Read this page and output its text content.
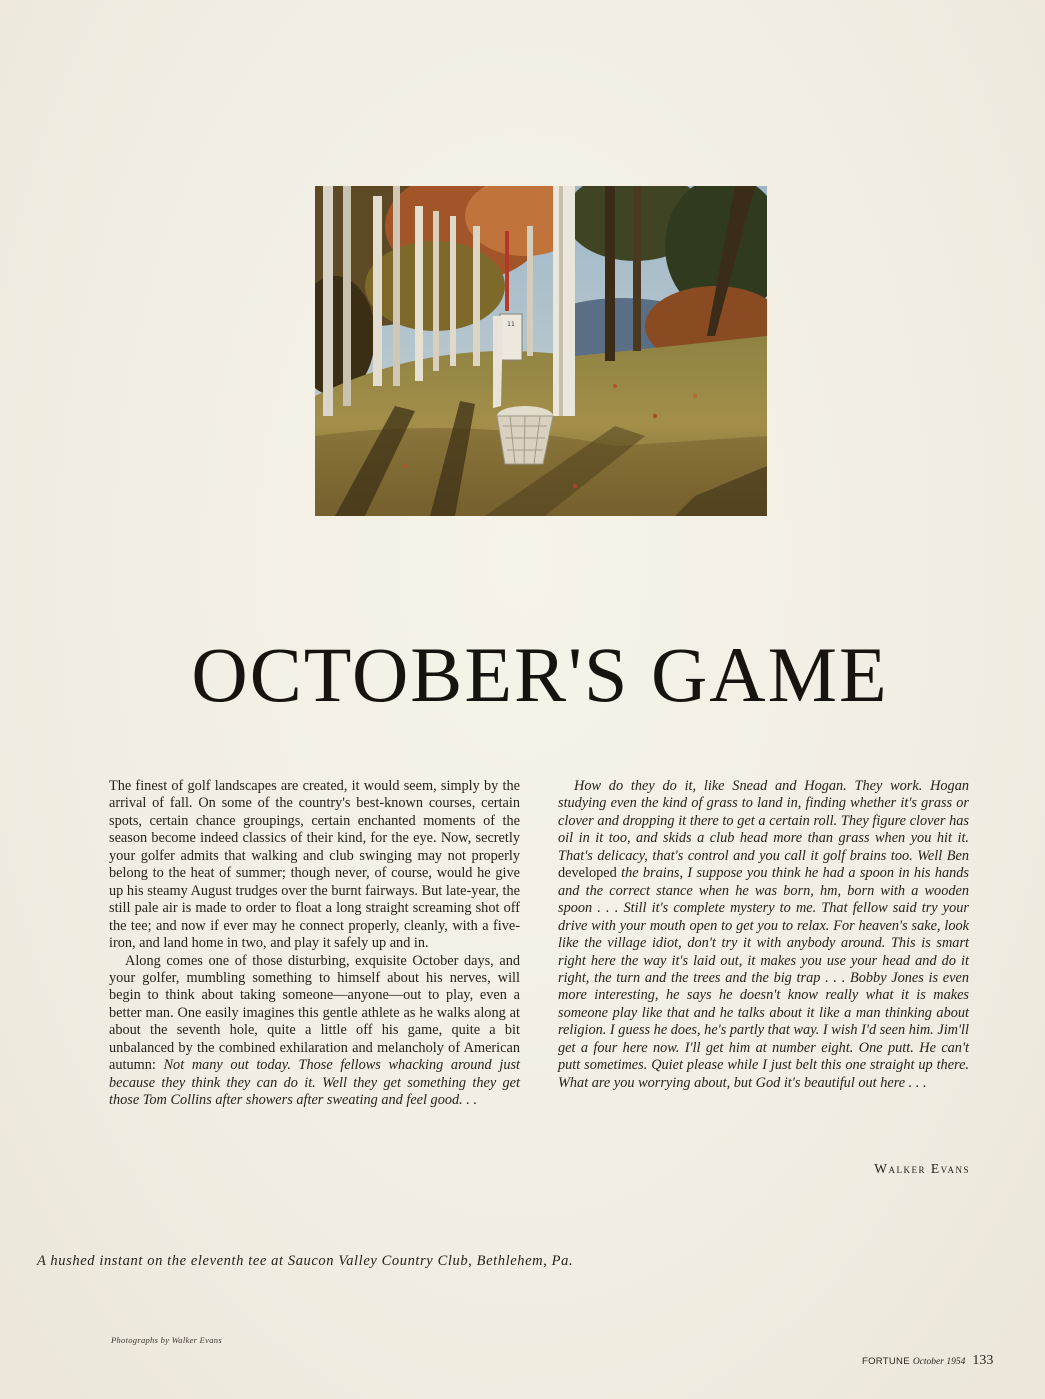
11
OCTOBER'S GAME

The finest of golf landscapes are created, it would seem, simply by the arrival of fall. On some of the country's best-known courses, certain spots, certain chance groupings, certain enchanted moments of the season become indeed classics of their kind, for the eye. Now, secretly your golfer admits that walking and club swinging may not properly belong to the heat of summer; though never, of course, would he give up his steamy August trudges over the burnt fairways. But late-year, the still pale air is made to order to float a long straight screaming shot off the tee; and now if ever may he connect properly, cleanly, with a five-iron, and land home in two, and play it safely up and in.

Along comes one of those disturbing, exquisite October days, and your golfer, mumbling something to himself about his nerves, will begin to think about taking someone—anyone—out to play, even a better man. One easily imagines this gentle athlete as he walks along at about the seventh hole, quite a little off his game, quite a bit unbalanced by the combined exhilaration and melancholy of American autumn: Not many out today. Those fellows whacking around just because they think they can do it. Well they get something they get those Tom Collins after showers after sweating and feel good. . .

How do they do it, like Snead and Hogan. They work. Hogan studying even the kind of grass to land in, finding whether it's grass or clover and dropping it there to get a certain roll. They figure clover has oil in it too, and skids a club head more than grass when you hit it. That's delicacy, that's control and you call it golf brains too. Well Ben developed the brains, I suppose you think he had a spoon in his hands and the correct stance when he was born, hm, born with a wooden spoon . . . Still it's complete mystery to me. That fellow said try your drive with your mouth open to get you to relax. For heaven's sake, look like the village idiot, don't try it with anybody around. This is smart right here the way it's laid out, it makes you use your head and do it right, the turn and the trees and the big trap . . . Bobby Jones is even more interesting, he says he doesn't know really what it is makes someone play like that and he talks about it like a man thinking about religion. I guess he does, he's partly that way. I wish I'd seen him. Jim'll get a four here now. I'll get him at number eight. One putt. He can't putt sometimes. Quiet please while I just belt this one straight up there. What are you worrying about, but God it's beautiful out here . . .

Walker Evans
A hushed instant on the eleventh tee at Saucon Valley Country Club, Bethlehem, Pa.
Photographs by Walker Evans
FORTUNE October 1954 133
